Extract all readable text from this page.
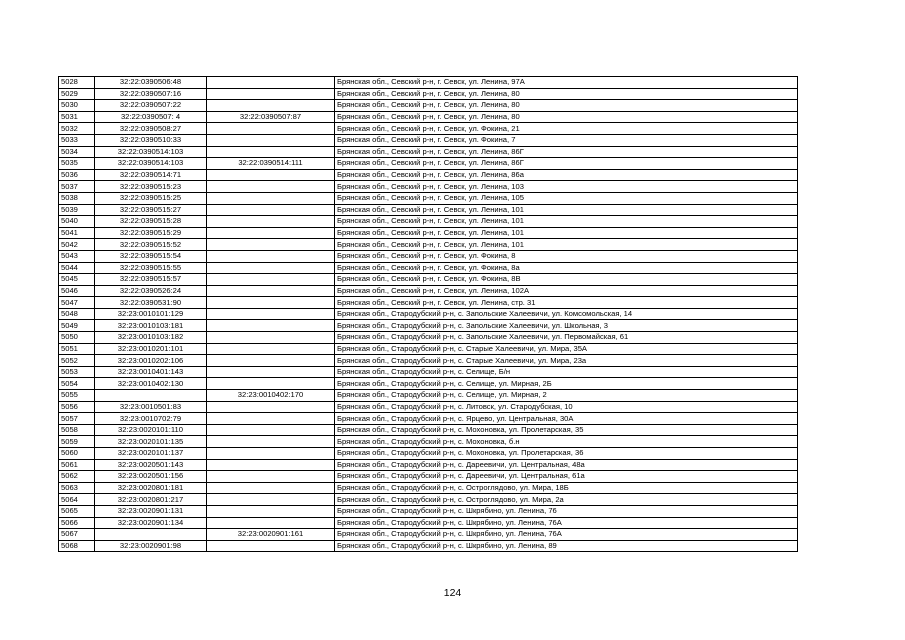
5028	32:22:0390506:48		Брянская обл., Севский р-н, г. Севск, ул. Ленина, 97А
5029	32:22:0390507:16		Брянская обл., Севский р-н, г. Севск, ул. Ленина, 80
5030	32:22:0390507:22		Брянская обл., Севский р-н, г. Севск, ул. Ленина, 80
5031	32:22:0390507: 4	32:22:0390507:87	Брянская обл., Севский р-н, г. Севск, ул. Ленина, 80
5032	32:22:0390508:27		Брянская обл., Севский р-н, г. Севск, ул. Фокина, 21
5033	32:22:0390510:33		Брянская обл., Севский р-н, г. Севск, ул. Фокина, 7
5034	32:22:0390514:103		Брянская обл., Севский р-н, г. Севск, ул. Ленина, 86Г
5035	32:22:0390514:103	32:22:0390514:111	Брянская обл., Севский р-н, г. Севск, ул. Ленина, 86Г
5036	32:22:0390514:71		Брянская обл., Севский р-н, г. Севск, ул. Ленина, 86а
5037	32:22:0390515:23		Брянская обл., Севский р-н, г. Севск, ул. Ленина, 103
5038	32:22:0390515:25		Брянская обл., Севский р-н, г. Севск, ул. Ленина, 105
5039	32:22:0390515:27		Брянская обл., Севский р-н, г. Севск, ул. Ленина, 101
5040	32:22:0390515:28		Брянская обл., Севский р-н, г. Севск, ул. Ленина, 101
5041	32:22:0390515:29		Брянская обл., Севский р-н, г. Севск, ул. Ленина, 101
5042	32:22:0390515:52		Брянская обл., Севский р-н, г. Севск, ул. Ленина, 101
5043	32:22:0390515:54		Брянская обл., Севский р-н, г. Севск, ул. Фокина, 8
5044	32:22:0390515:55		Брянская обл., Севский р-н, г. Севск, ул. Фокина, 8а
5045	32:22:0390515:57		Брянская обл., Севский р-н, г. Севск, ул. Фокина, 8В
5046	32:22:0390526:24		Брянская обл., Севский р-н, г. Севск, ул. Ленина, 102А
5047	32:22:0390531:90		Брянская обл., Севский р-н, г. Севск, ул. Ленина, стр. 31
5048	32:23:0010101:129		Брянская обл., Стародубский р-н, с. Запольские Халеевичи, ул. Комсомольская, 14
5049	32:23:0010103:181		Брянская обл., Стародубский р-н, с. Запольские Халеевичи, ул. Школьная, 3
5050	32:23:0010103:182		Брянская обл., Стародубский р-н, с. Запольские Халеевичи, ул. Первомайская, 61
5051	32:23:0010201:101		Брянская обл., Стародубский р-н, с. Старые Халеевичи, ул. Мира, 35А
5052	32:23:0010202:106		Брянская обл., Стародубский р-н, с. Старые Халеевичи, ул. Мира, 23а
5053	32:23:0010401:143		Брянская обл., Стародубский р-н, с. Селище, Б/н
5054	32:23:0010402:130		Брянская обл., Стародубский р-н, с. Селище, ул. Мирная, 2Б
5055		32:23:0010402:170	Брянская обл., Стародубский р-н, с. Селище, ул. Мирная, 2
5056	32:23:0010501:83		Брянская обл., Стародубский р-н, с. Литовск, ул. Стародубская, 10
5057	32:23:0010702:79		Брянская обл., Стародубский р-н, с. Ярцево, ул. Центральная, 30А
5058	32:23:0020101:110		Брянская обл., Стародубский р-н, с. Мохоновка, ул. Пролетарская, 35
5059	32:23:0020101:135		Брянская обл., Стародубский р-н, с. Мохоновка, б.н
5060	32:23:0020101:137		Брянская обл., Стародубский р-н, с. Мохоновка, ул. Пролетарская, 36
5061	32:23:0020501:143		Брянская обл., Стародубский р-н, с. Дареевичи, ул. Центральная, 48а
5062	32:23:0020501:156		Брянская обл., Стародубский р-н, с. Дареевичи, ул. Центральная, 61а
5063	32:23:0020801:181		Брянская обл., Стародубский р-н, с. Остроглядово, ул. Мира, 18Б
5064	32:23:0020801:217		Брянская обл., Стародубский р-н, с. Остроглядово, ул. Мира, 2а
5065	32:23:0020901:131		Брянская обл., Стародубский р-н, с. Шкрябино, ул. Ленина, 76
5066	32:23:0020901:134		Брянская обл., Стародубский р-н, с. Шкрябино, ул. Ленина, 76А
5067		32:23:0020901:161	Брянская обл., Стародубский р-н, с. Шкрябино, ул. Ленина, 76А
5068	32:23:0020901:98		Брянская обл., Стародубский р-н, с. Шкрябино, ул. Ленина, 89
124
